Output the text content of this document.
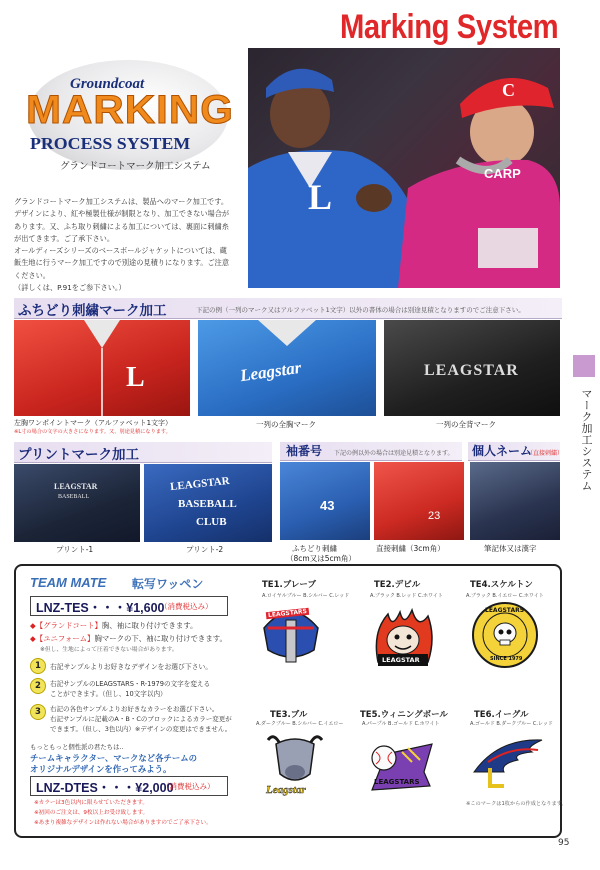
Marking System
C
L
CARP
Groundcoat
MARKING
PROCESS SYSTEM
グランドコートマーク加工システム
グランドコートマーク加工システムは、製品へのマーク加工です。
デザインにより、紅や極製仕様が制限となり、加工できない場合が
あります。又、ふち取り刺繍による加工については、裏面に刺繍糸
が出てきます。ご了承下さい。
オールディーズシリーズのベースボールジャケットについては、蔵
飯生地に行うマーク加工ですので別途の見積りになります。ご注意
ください。
（詳しくは、P.91をご参下さい。）
マーク加工システム
ふちどり刺繍マーク加工	下記の例（一列のマーク又はアルファベット1文字）以外の書体の場合は別途見積となりますのでご注意下さい。
L
左胸ワンポイントマーク（アルファベット1文字）
※L寸の場合の文字の大きさになります。又、別途見積になります。
Leagstar
一列の全胸マーク
LEAGSTAR
一列の全背マーク
プリントマーク加工	袖番号 下記の例以外の場合は別途見積となります。 個人ネーム
（直接刺繍）
LEAGSTAR
BASEBALL
プリント-1
LEAGSTAR
BASEBALL
CLUB
プリント-2
43
ふちどり刺繍
（8cm又は5cm角）
23
直接刺繍（3cm角）	筆記体又は漢字
TEAM MATE 転写ワッペン
LNZ-TES・・・¥1,600
（消費税込み）
◆【グランドコート】胸、袖に取り付けできます。
◆【ユニフォーム】胸マークの下、袖に取り付けできます。
※但し、生地によって圧着できない場合があります。
1	右記サンプルよりお好きなデザインをお選び下さい。
2	右記サンプルのLEAGSTARS・R-1979の文字を変える
ことができます。（但し、10文字以内）
3	右記の各色サンプルよりお好きなカラーをお選び下さい。
右記サンプルに記載のA・B・Cのブロックによるカラー変更が
できます。（但し、3色以内）※デザインの変更はできません。
もっともっと個性派の君たちは‥
チームキャラクター、マークなど各チームの
オリジナルデザインを作ってみよう。
LNZ-DTES・・・¥2,000
（消費税込み）
※カラーは3色以内に限らせていただきます。
※初回のご注文は、9枚以上お受け致します。
※あまり複雑なデザインは作れない場合がありますのでご了承下さい。
TE1.ブレーブ
A.ロイヤルブルー B.シルバー C.レッド
LEAGSTARS
TE2.デビル
A.ブラック B.レッド C.ホワイト
LEAGSTAR
TE4.スケルトン
A.ブラック B.イエロー C.ホワイト
LEAGSTARS
SINCE 1979
TE3.ブル
A.ダークブルー B.シルバー C.イエロー
Leagstar
TE5.ウィニングボール
A.パープル B.ゴールド C.ホワイト
LEAGSTARS
TE6.イーグル
A.ゴールド B.ダークブルー C.レッド
※このマークは1枚からの作成となります。
95
